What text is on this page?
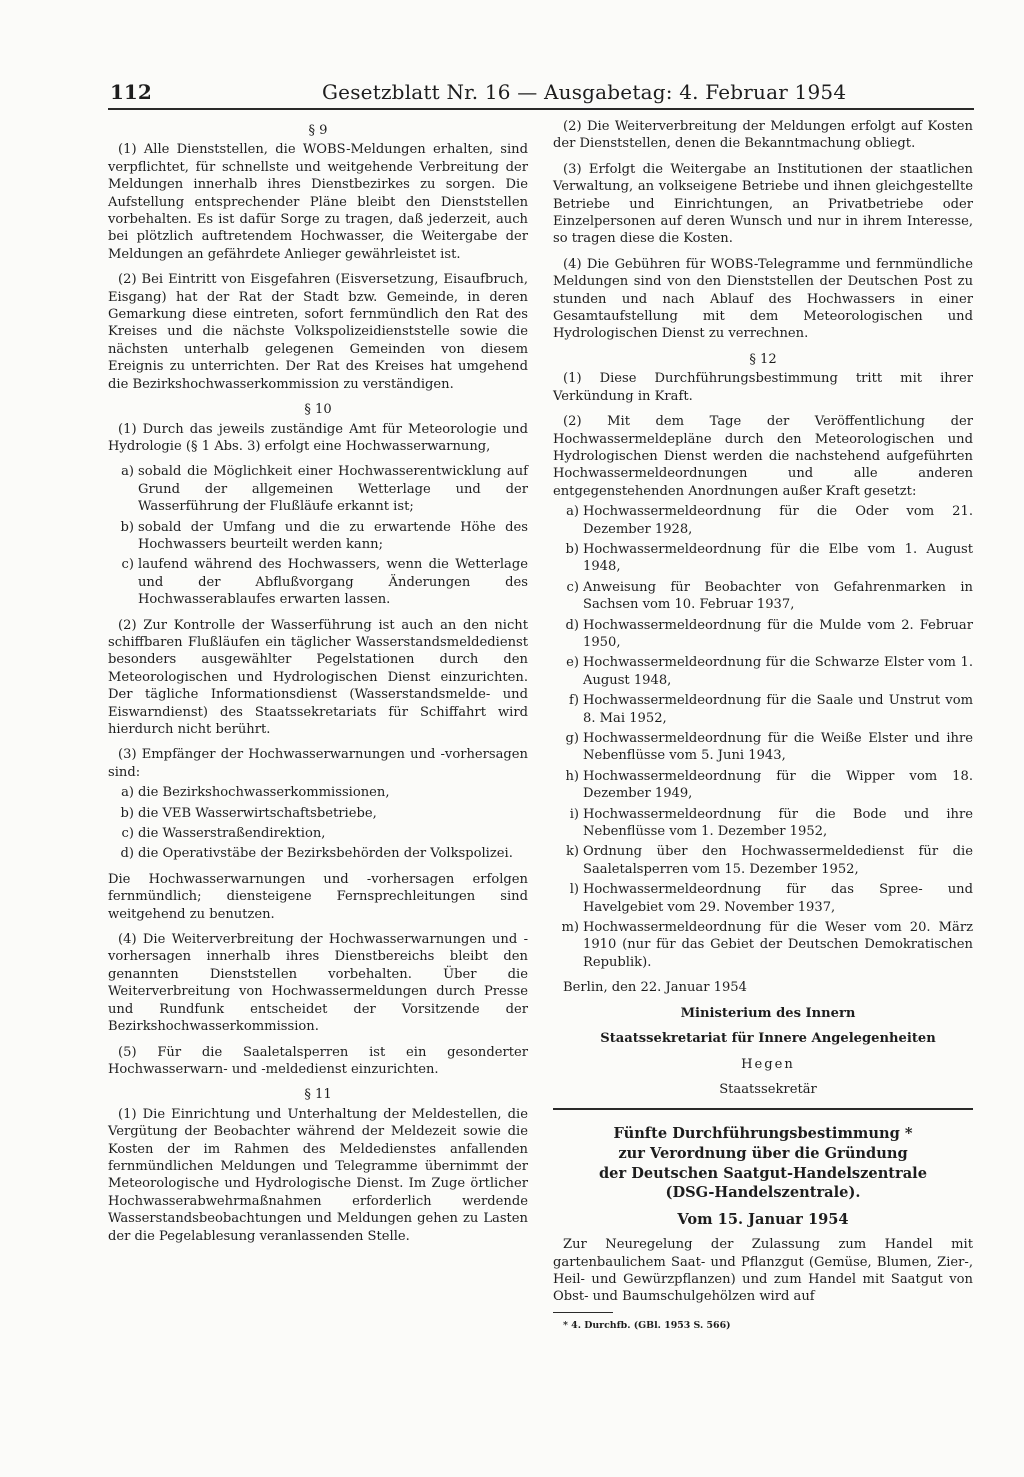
112	Gesetzblatt Nr. 16 — Ausgabetag: 4. Februar 1954
§ 9

(1) Alle Dienststellen, die WOBS-Meldungen erhalten, sind verpflichtet, für schnellste und weitgehende Verbreitung der Meldungen innerhalb ihres Dienstbezirkes zu sorgen. Die Aufstellung entsprechender Pläne bleibt den Dienststellen vorbehalten. Es ist dafür Sorge zu tragen, daß jederzeit, auch bei plötzlich auftretendem Hochwasser, die Weitergabe der Meldungen an gefährdete Anlieger gewährleistet ist.

(2) Bei Eintritt von Eisgefahren (Eisversetzung, Eisaufbruch, Eisgang) hat der Rat der Stadt bzw. Gemeinde, in deren Gemarkung diese eintreten, sofort fernmündlich den Rat des Kreises und die nächste Volkspolizeidienststelle sowie die nächsten unterhalb gelegenen Gemeinden von diesem Ereignis zu unterrichten. Der Rat des Kreises hat umgehend die Bezirkshochwasserkommission zu verständigen.

§ 10

(1) Durch das jeweils zuständige Amt für Meteorologie und Hydrologie (§ 1 Abs. 3) erfolgt eine Hochwasserwarnung,

a) sobald die Möglichkeit einer Hochwasserentwicklung auf Grund der allgemeinen Wetterlage und der Wasserführung der Flußläufe erkannt ist;
b) sobald der Umfang und die zu erwartende Höhe des Hochwassers beurteilt werden kann;
c) laufend während des Hochwassers, wenn die Wetterlage und der Abflußvorgang Änderungen des Hochwasserablaufes erwarten lassen.

(2) Zur Kontrolle der Wasserführung ist auch an den nicht schiffbaren Flußläufen ein täglicher Wasserstandsmeldedienst besonders ausgewählter Pegelstationen durch den Meteorologischen und Hydrologischen Dienst einzurichten. Der tägliche Informationsdienst (Wasserstandsmelde- und Eiswarndienst) des Staatssekretariats für Schiffahrt wird hierdurch nicht berührt.

(3) Empfänger der Hochwasserwarnungen und -vorhersagen sind:

a) die Bezirkshochwasserkommissionen,
b) die VEB Wasserwirtschaftsbetriebe,
c) die Wasserstraßendirektion,
d) die Operativstäbe der Bezirksbehörden der Volkspolizei.

Die Hochwasserwarnungen und -vorhersagen erfolgen fernmündlich; diensteigene Fernsprechleitungen sind weitgehend zu benutzen.

(4) Die Weiterverbreitung der Hochwasserwarnungen und -vorhersagen innerhalb ihres Dienstbereichs bleibt den genannten Dienststellen vorbehalten. Über die Weiterverbreitung von Hochwassermeldungen durch Presse und Rundfunk entscheidet der Vorsitzende der Bezirkshochwasserkommission.

(5) Für die Saaletalsperren ist ein gesonderter Hochwasserwarn- und -meldedienst einzurichten.

§ 11

(1) Die Einrichtung und Unterhaltung der Meldestellen, die Vergütung der Beobachter während der Meldezeit sowie die Kosten der im Rahmen des Meldedienstes anfallenden fernmündlichen Meldungen und Telegramme übernimmt der Meteorologische und Hydrologische Dienst. Im Zuge örtlicher Hochwasserabwehrmaßnahmen erforderlich werdende Wasserstandsbeobachtungen und Meldungen gehen zu Lasten der die Pegelablesung veranlassenden Stelle.

(2) Die Weiterverbreitung der Meldungen erfolgt auf Kosten der Dienststellen, denen die Bekanntmachung obliegt.

(3) Erfolgt die Weitergabe an Institutionen der staatlichen Verwaltung, an volkseigene Betriebe und ihnen gleichgestellte Betriebe und Einrichtungen, an Privatbetriebe oder Einzelpersonen auf deren Wunsch und nur in ihrem Interesse, so tragen diese die Kosten.

(4) Die Gebühren für WOBS-Telegramme und fernmündliche Meldungen sind von den Dienststellen der Deutschen Post zu stunden und nach Ablauf des Hochwassers in einer Gesamtaufstellung mit dem Meteorologischen und Hydrologischen Dienst zu verrechnen.

§ 12

(1) Diese Durchführungsbestimmung tritt mit ihrer Verkündung in Kraft.

(2) Mit dem Tage der Veröffentlichung der Hochwassermeldepläne durch den Meteorologischen und Hydrologischen Dienst werden die nachstehend aufgeführten Hochwassermeldeordnungen und alle anderen entgegenstehenden Anordnungen außer Kraft gesetzt:

a) Hochwassermeldeordnung für die Oder vom 21. Dezember 1928,
b) Hochwassermeldeordnung für die Elbe vom 1. August 1948,
c) Anweisung für Beobachter von Gefahrenmarken in Sachsen vom 10. Februar 1937,
d) Hochwassermeldeordnung für die Mulde vom 2. Februar 1950,
e) Hochwassermeldeordnung für die Schwarze Elster vom 1. August 1948,
f) Hochwassermeldeordnung für die Saale und Unstrut vom 8. Mai 1952,
g) Hochwassermeldeordnung für die Weiße Elster und ihre Nebenflüsse vom 5. Juni 1943,
h) Hochwassermeldeordnung für die Wipper vom 18. Dezember 1949,
i) Hochwassermeldeordnung für die Bode und ihre Nebenflüsse vom 1. Dezember 1952,
k) Ordnung über den Hochwassermeldedienst für die Saaletalsperren vom 15. Dezember 1952,
l) Hochwassermeldeordnung für das Spree- und Havelgebiet vom 29. November 1937,
m) Hochwassermeldeordnung für die Weser vom 20. März 1910 (nur für das Gebiet der Deutschen Demokratischen Republik).

Berlin, den 22. Januar 1954

Ministerium des Innern

Staatssekretariat für Innere Angelegenheiten

Hegen

Staatssekretär

Fünfte Durchführungsbestimmung *
zur Verordnung über die Gründung
der Deutschen Saatgut-Handelszentrale
(DSG-Handelszentrale).
Vom 15. Januar 1954

Zur Neuregelung der Zulassung zum Handel mit gartenbaulichem Saat- und Pflanzgut (Gemüse, Blumen, Zier-, Heil- und Gewürzpflanzen) und zum Handel mit Saatgut von Obst- und Baumschulgehölzen wird auf

* 4. Durchfb. (GBl. 1953 S. 566)
